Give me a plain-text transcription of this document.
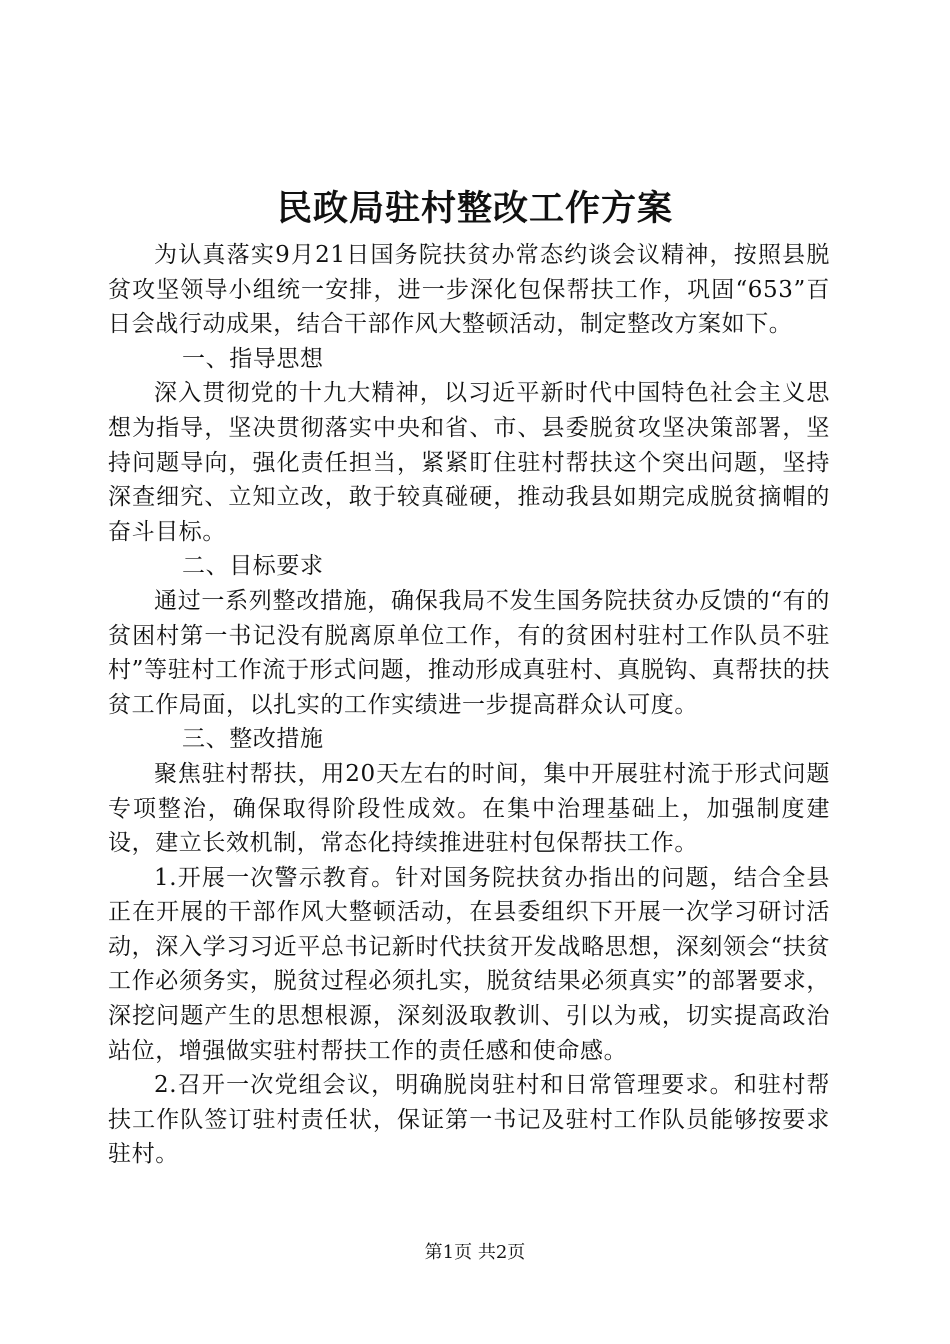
民政局驻村整改工作方案

为认真落实9月21日国务院扶贫办常态约谈会议精神，按照县脱贫攻坚领导小组统一安排，进一步深化包保帮扶工作，巩固“653”百日会战行动成果，结合干部作风大整顿活动，制定整改方案如下。

一、指导思想

深入贯彻党的十九大精神，以习近平新时代中国特色社会主义思想为指导，坚决贯彻落实中央和省、市、县委脱贫攻坚决策部署，坚持问题导向，强化责任担当，紧紧盯住驻村帮扶这个突出问题，坚持深查细究、立知立改，敢于较真碰硬，推动我县如期完成脱贫摘帽的奋斗目标。

二、目标要求

通过一系列整改措施，确保我局不发生国务院扶贫办反馈的“有的贫困村第一书记没有脱离原单位工作，有的贫困村驻村工作队员不驻村”等驻村工作流于形式问题，推动形成真驻村、真脱钩、真帮扶的扶贫工作局面，以扎实的工作实绩进一步提高群众认可度。

三、整改措施

聚焦驻村帮扶，用20天左右的时间，集中开展驻村流于形式问题专项整治，确保取得阶段性成效。在集中治理基础上，加强制度建设，建立长效机制，常态化持续推进驻村包保帮扶工作。

1.开展一次警示教育。针对国务院扶贫办指出的问题，结合全县正在开展的干部作风大整顿活动，在县委组织下开展一次学习研讨活动，深入学习习近平总书记新时代扶贫开发战略思想，深刻领会“扶贫工作必须务实，脱贫过程必须扎实，脱贫结果必须真实”的部署要求，深挖问题产生的思想根源，深刻汲取教训、引以为戒，切实提高政治站位，增强做实驻村帮扶工作的责任感和使命感。

2.召开一次党组会议，明确脱岗驻村和日常管理要求。和驻村帮扶工作队签订驻村责任状，保证第一书记及驻村工作队员能够按要求驻村。

第1页 共2页
